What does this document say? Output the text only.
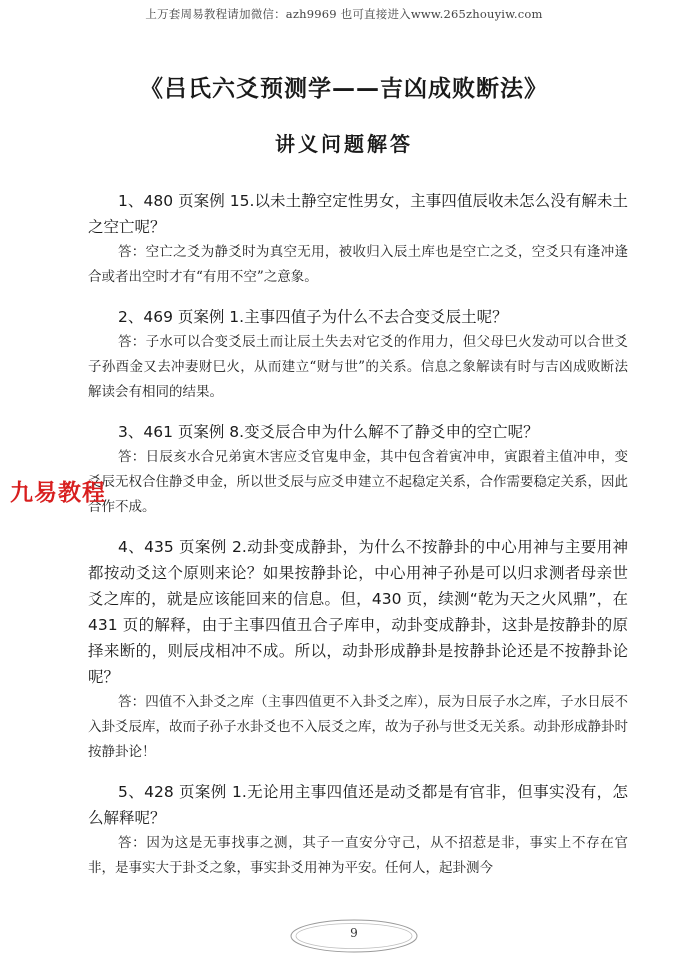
上万套周易教程请加微信：azh9969 也可直接进入www.265zhouyiw.com
《吕氏六爻预测学——吉凶成败断法》
讲义问题解答

1、480 页案例 15.以未土静空定性男女，主事四值辰收未怎么没有解未土之空亡呢？

答：空亡之爻为静爻时为真空无用，被收归入辰土库也是空亡之爻，空爻只有逢冲逢合或者出空时才有“有用不空”之意象。

2、469 页案例 1.主事四值子为什么不去合变爻辰土呢？

答：子水可以合变爻辰土而让辰土失去对它爻的作用力，但父母巳火发动可以合世爻子孙酉金又去冲妻财巳火，从而建立“财与世”的关系。信息之象解读有时与吉凶成败断法解读会有相同的结果。

3、461 页案例 8.变爻辰合申为什么解不了静爻申的空亡呢？

答：日辰亥水合兄弟寅木害应爻官鬼申金，其中包含着寅冲申，寅跟着主值冲申，变爻辰无权合住静爻申金，所以世爻辰与应爻申建立不起稳定关系，合作需要稳定关系，因此合作不成。

4、435 页案例 2.动卦变成静卦，为什么不按静卦的中心用神与主要用神都按动爻这个原则来论？如果按静卦论，中心用神子孙是可以归求测者母亲世爻之库的，就是应该能回来的信息。但，430 页，续测“乾为天之火风鼎”，在 431 页的解释，由于主事四值丑合子库申，动卦变成静卦，这卦是按静卦的原择来断的，则辰戌相冲不成。所以，动卦形成静卦是按静卦论还是不按静卦论呢？

答：四值不入卦爻之库（主事四值更不入卦爻之库），辰为日辰子水之库，子水日辰不入卦爻辰库，故而子孙子水卦爻也不入辰爻之库，故为子孙与世爻无关系。动卦形成静卦时按静卦论！

5、428 页案例 1.无论用主事四值还是动爻都是有官非，但事实没有，怎么解释呢？

答：因为这是无事找事之测，其子一直安分守己，从不招惹是非，事实上不存在官非，是事实大于卦爻之象，事实卦爻用神为平安。任何人，起卦测今

九易教程
9
